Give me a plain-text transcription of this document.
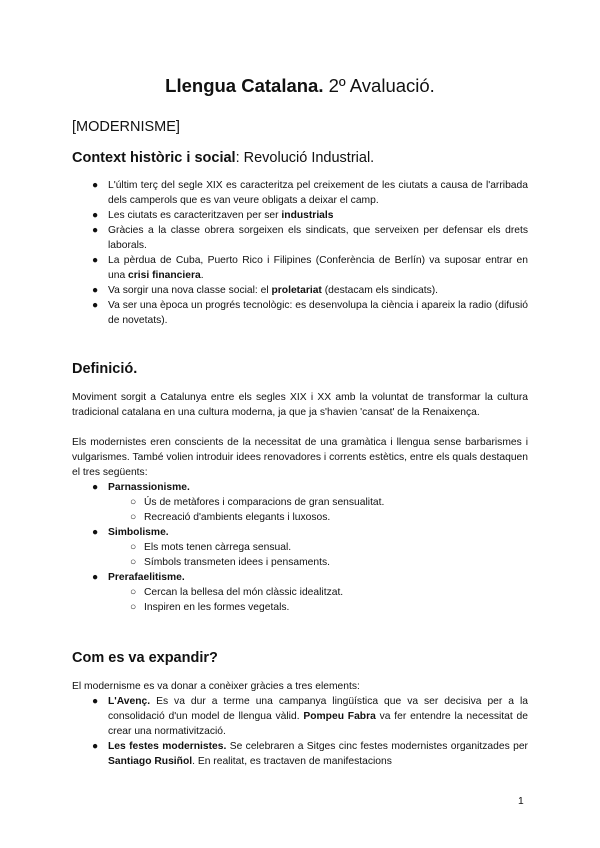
Llengua Catalana. 2º Avaluació.
[MODERNISME]
Context històric i social: Revolució Industrial.
● L'últim terç del segle XIX es caracteritza pel creixement de les ciutats a causa de l'arribada dels camperols que es van veure obligats a deixar el camp.
● Les ciutats es caracteritzaven per ser industrials
● Gràcies a la classe obrera sorgeixen els sindicats, que serveixen per defensar els drets laborals.
● La pèrdua de Cuba, Puerto Rico i Filipines (Conferència de Berlín) va suposar entrar en una crisi financiera.
● Va sorgir una nova classe social: el proletariat (destacam els sindicats).
● Va ser una època un progrés tecnològic: es desenvolupa la ciència i apareix la radio (difusió de novetats).
Definició.
Moviment sorgit a Catalunya entre els segles XIX i XX amb la voluntat de transformar la cultura tradicional catalana en una cultura moderna, ja que ja s'havien 'cansat' de la Renaixença.
Els modernistes eren conscients de la necessitat de una gramàtica i llengua sense barbarismes i vulgarismes. També volien introduir idees renovadores i corrents estètics, entre els quals destaquen el tres següents:
● Parnassionisme.
○ Ús de metàfores i comparacions de gran sensualitat.
○ Recreació d'ambients elegants i luxosos.
● Simbolisme.
○ Els mots tenen càrrega sensual.
○ Símbols transmeten idees i pensaments.
● Prerafaelitisme.
○ Cercan la bellesa del món clàssic idealitzat.
○ Inspiren en les formes vegetals.
Com es va expandir?
El modernisme es va donar a conèixer gràcies a tres elements:
● L'Avenç. Es va dur a terme una campanya lingüística que va ser decisiva per a la consolidació d'un model de llengua vàlid. Pompeu Fabra va fer entendre la necessitat de crear una normativització.
● Les festes modernistes. Se celebraren a Sitges cinc festes modernistes organitzades per Santiago Rusiñol. En realitat, es tractaven de manifestacions
1
